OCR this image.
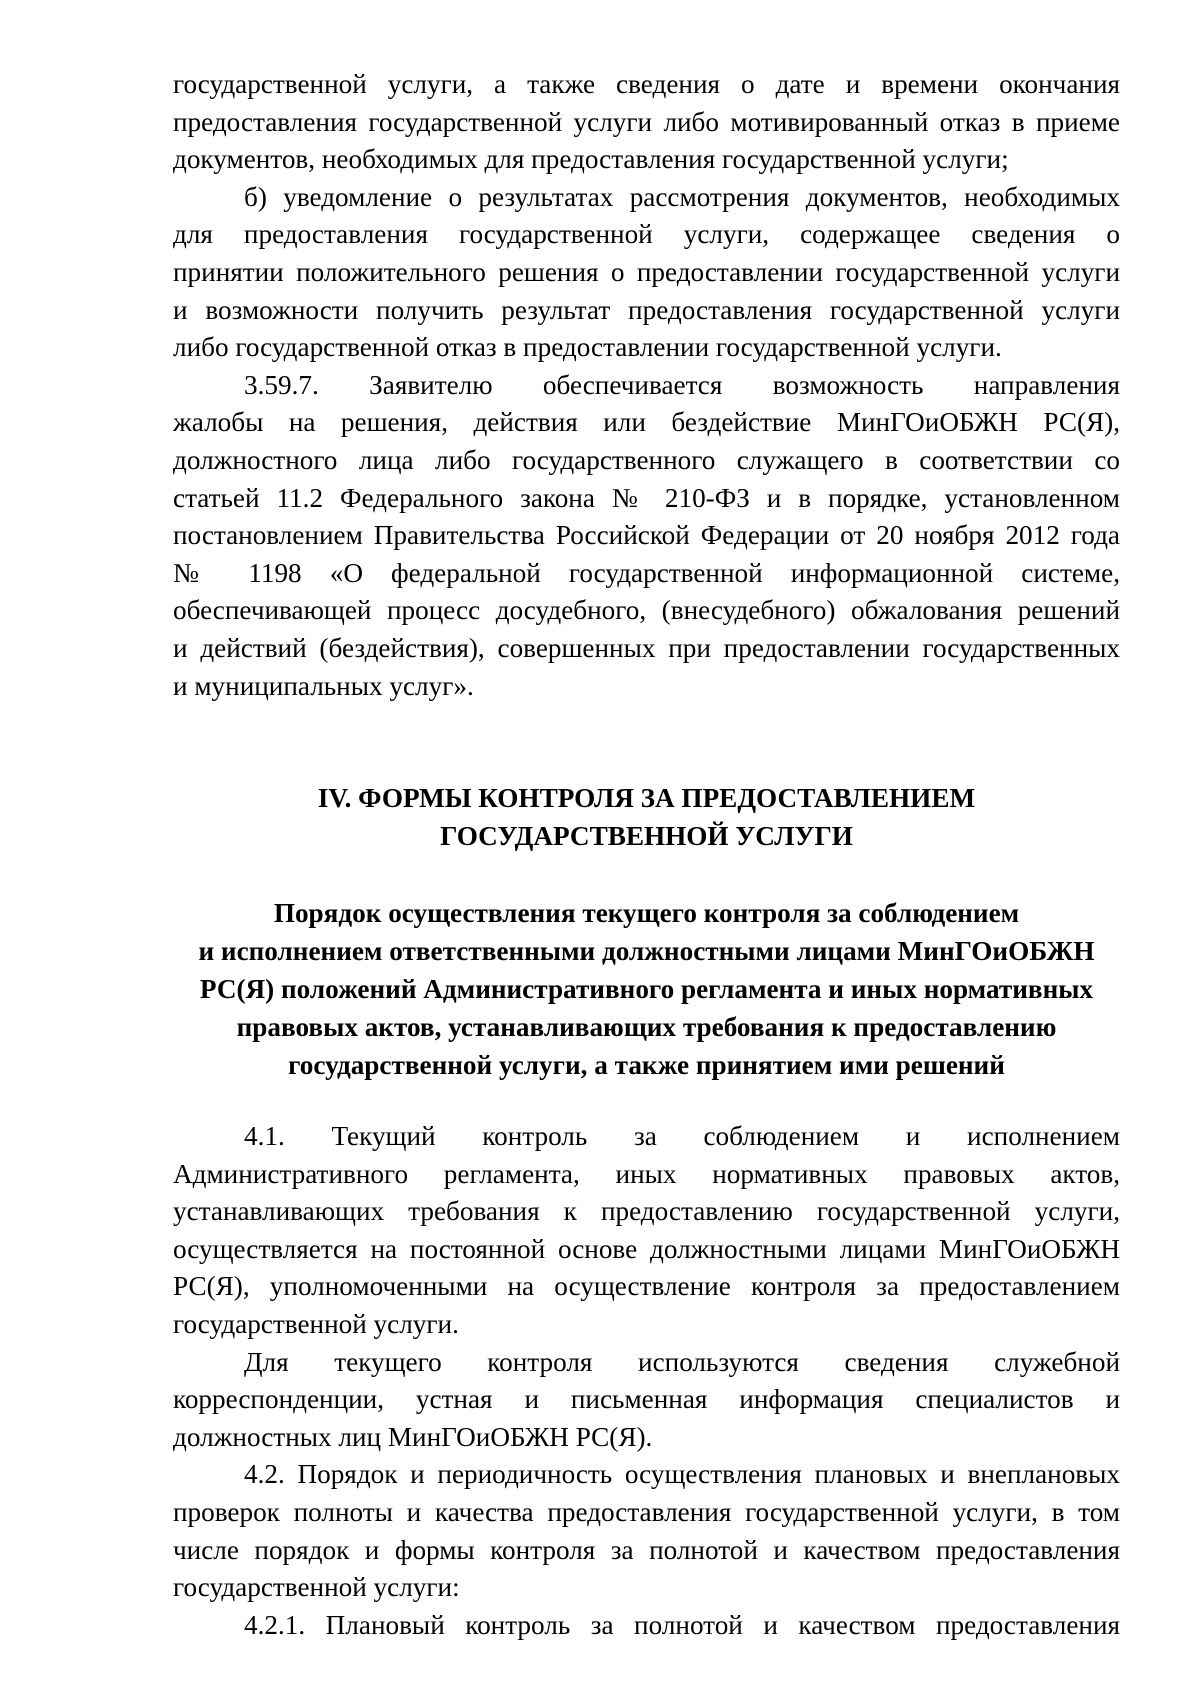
государственной услуги, а также сведения о дате и времени окончания
предоставления государственной услуги либо мотивированный отказ в приеме
документов, необходимых для предоставления государственной услуги;

б) уведомление о результатах рассмотрения документов, необходимых
для предоставления государственной услуги, содержащее сведения о
принятии положительного решения о предоставлении государственной услуги
и возможности получить результат предоставления государственной услуги
либо государственной отказ в предоставлении государственной услуги.

3.59.7. Заявителю обеспечивается возможность направления
жалобы на решения, действия или бездействие МинГОиОБЖН РС(Я),
должностного лица либо государственного служащего в соответствии со
статьей 11.2 Федерального закона № 210-ФЗ и в порядке, установленном
постановлением Правительства Российской Федерации от 20 ноября 2012 года
№ 1198 «О федеральной государственной информационной системе,
обеспечивающей процесс досудебного, (внесудебного) обжалования решений
и действий (бездействия), совершенных при предоставлении государственных
и муниципальных услуг».

IV. ФОРМЫ КОНТРОЛЯ ЗА ПРЕДОСТАВЛЕНИЕМ
ГОСУДАРСТВЕННОЙ УСЛУГИ
Порядок осуществления текущего контроля за соблюдением
и исполнением ответственными должностными лицами МинГОиОБЖН
РС(Я) положений Административного регламента и иных нормативных
правовых актов, устанавливающих требования к предоставлению
государственной услуги, а также принятием ими решений

4.1. Текущий контроль за соблюдением и исполнением
Административного регламента, иных нормативных правовых актов,
устанавливающих требования к предоставлению государственной услуги,
осуществляется на постоянной основе должностными лицами МинГОиОБЖН
РС(Я), уполномоченными на осуществление контроля за предоставлением
государственной услуги.

Для текущего контроля используются сведения служебной
корреспонденции, устная и письменная информация специалистов и
должностных лиц МинГОиОБЖН РС(Я).

4.2. Порядок и периодичность осуществления плановых и внеплановых
проверок полноты и качества предоставления государственной услуги, в том
числе порядок и формы контроля за полнотой и качеством предоставления
государственной услуги:

4.2.1. Плановый контроль за полнотой и качеством предоставления
